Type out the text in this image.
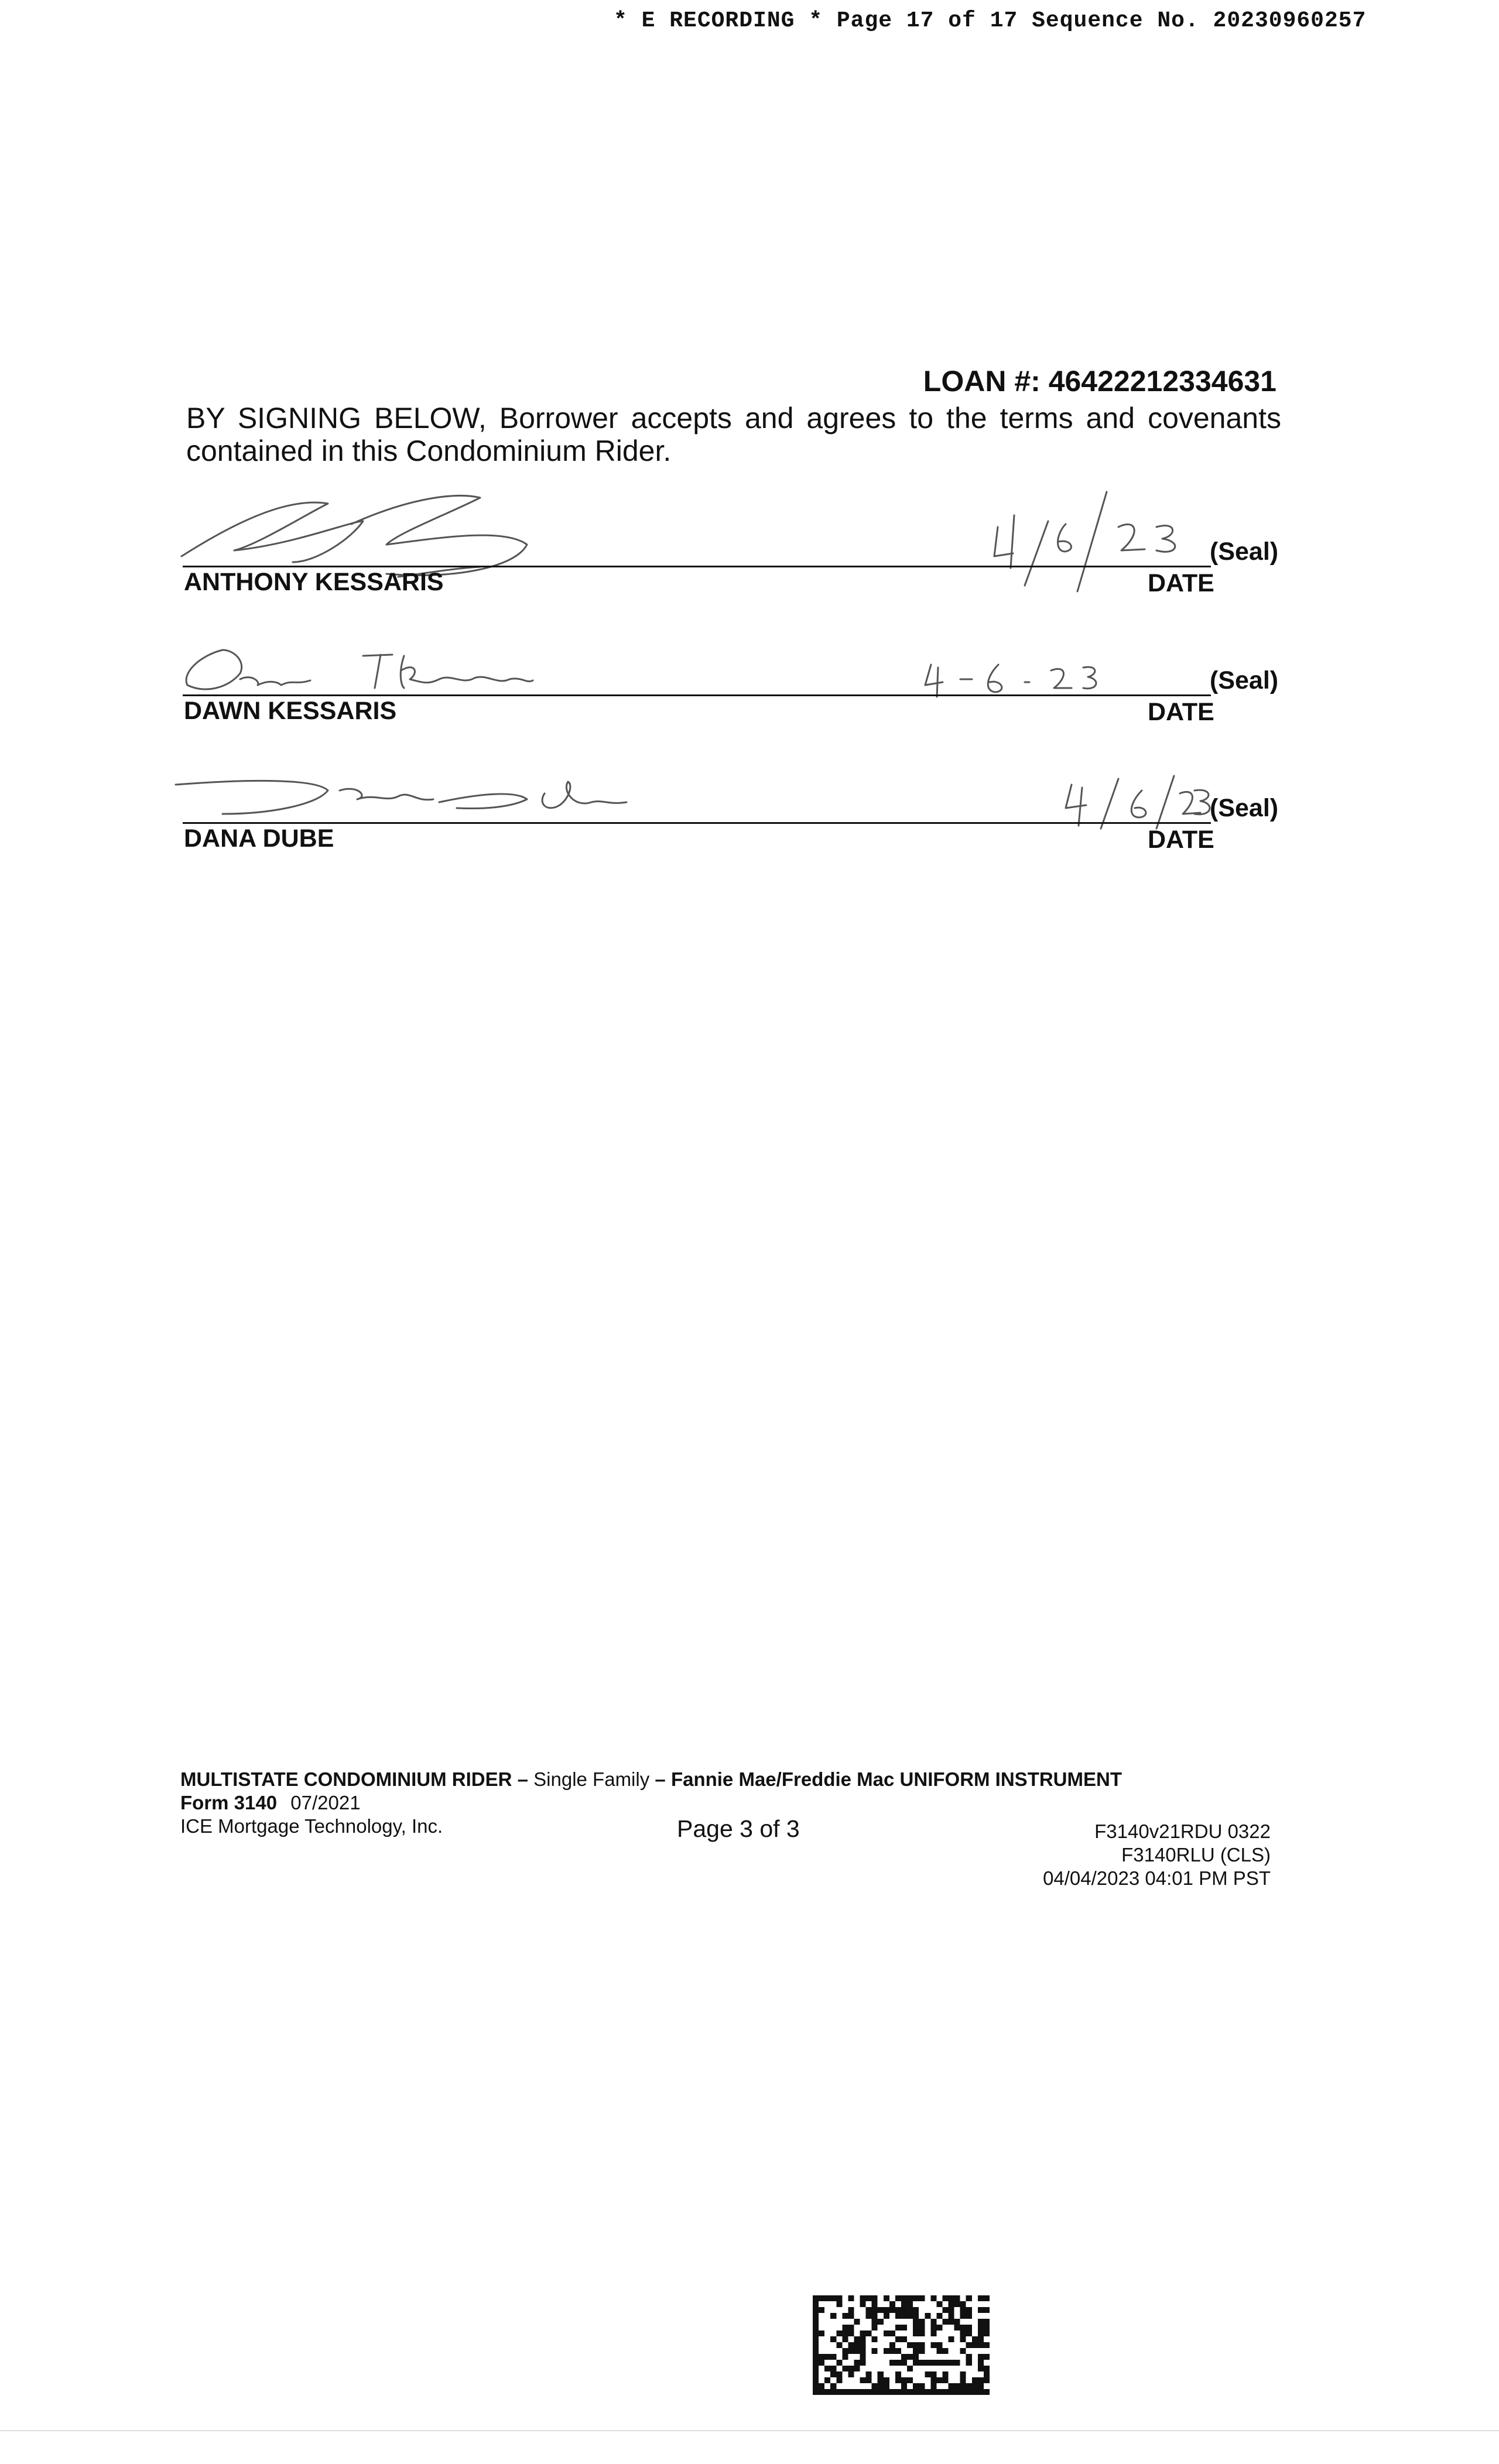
* E RECORDING * Page 17 of 17 Sequence No. 20230960257
LOAN #: 46422212334631
BY SIGNING BELOW, Borrower accepts and agrees to the terms and covenants contained in this Condominium Rider.
ANTHONY KESSARIS
(Seal)
DATE
DAWN KESSARIS
(Seal)
DATE
DANA DUBE
(Seal)
DATE
MULTISTATE CONDOMINIUM RIDER – Single Family – Fannie Mae/Freddie Mac UNIFORM INSTRUMENT
Form 3140 07/2021
ICE Mortgage Technology, Inc.	Page 3 of 3	F3140v21RDU 0322
F3140RLU (CLS)
04/04/2023 04:01 PM PST
